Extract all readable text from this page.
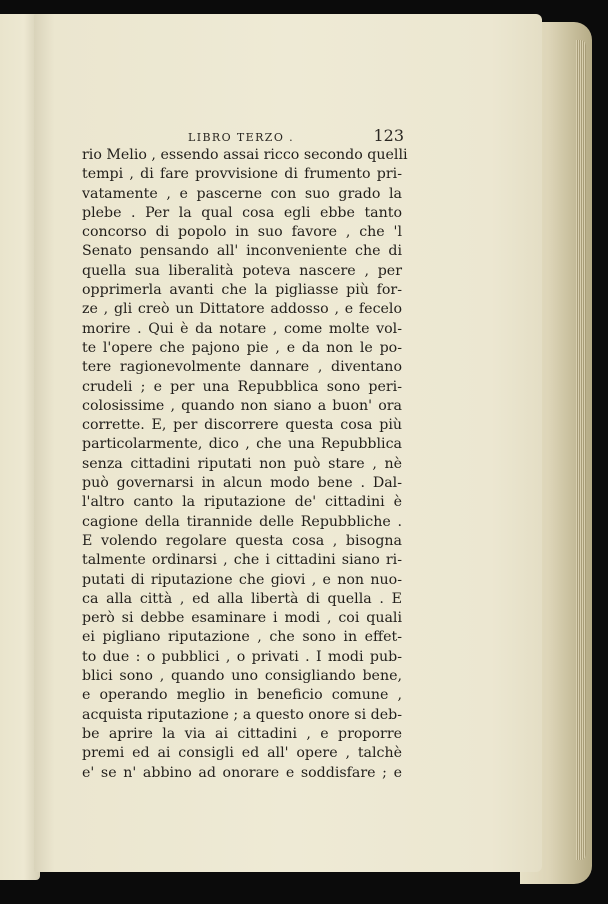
LIBRO TERZO .	123
rio Melio , essendo assai ricco secondo quelli
tempi , di fare provvisione di frumento pri-
vatamente , e pascerne con suo grado la
plebe . Per la qual cosa egli ebbe tanto
concorso di popolo in suo favore , che 'l
Senato pensando all' inconveniente che di
quella sua liberalità poteva nascere , per
opprimerla avanti che la pigliasse più for-
ze , gli creò un Dittatore addosso , e fecelo
morire . Qui è da notare , come molte vol-
te l'opere che pajono pie , e da non le po-
tere ragionevolmente dannare , diventano
crudeli ; e per una Repubblica sono peri-
colosissime , quando non siano a buon' ora
corrette. E, per discorrere questa cosa più
particolarmente, dico , che una Repubblica
senza cittadini riputati non può stare , nè
può governarsi in alcun modo bene . Dal-
l'altro canto la riputazione de' cittadini è
cagione della tirannide delle Repubbliche .
E volendo regolare questa cosa , bisogna
talmente ordinarsi , che i cittadini siano ri-
putati di riputazione che giovi , e non nuo-
ca alla città , ed alla libertà di quella . E
però si debbe esaminare i modi , coi quali
ei pigliano riputazione , che sono in effet-
to due : o pubblici , o privati . I modi pub-
blici sono , quando uno consigliando bene,
e operando meglio in beneficio comune ,
acquista riputazione ; a questo onore si deb-
be aprire la via ai cittadini , e proporre
premi ed ai consigli ed all' opere , talchè
e' se n' abbino ad onorare e soddisfare ; e
